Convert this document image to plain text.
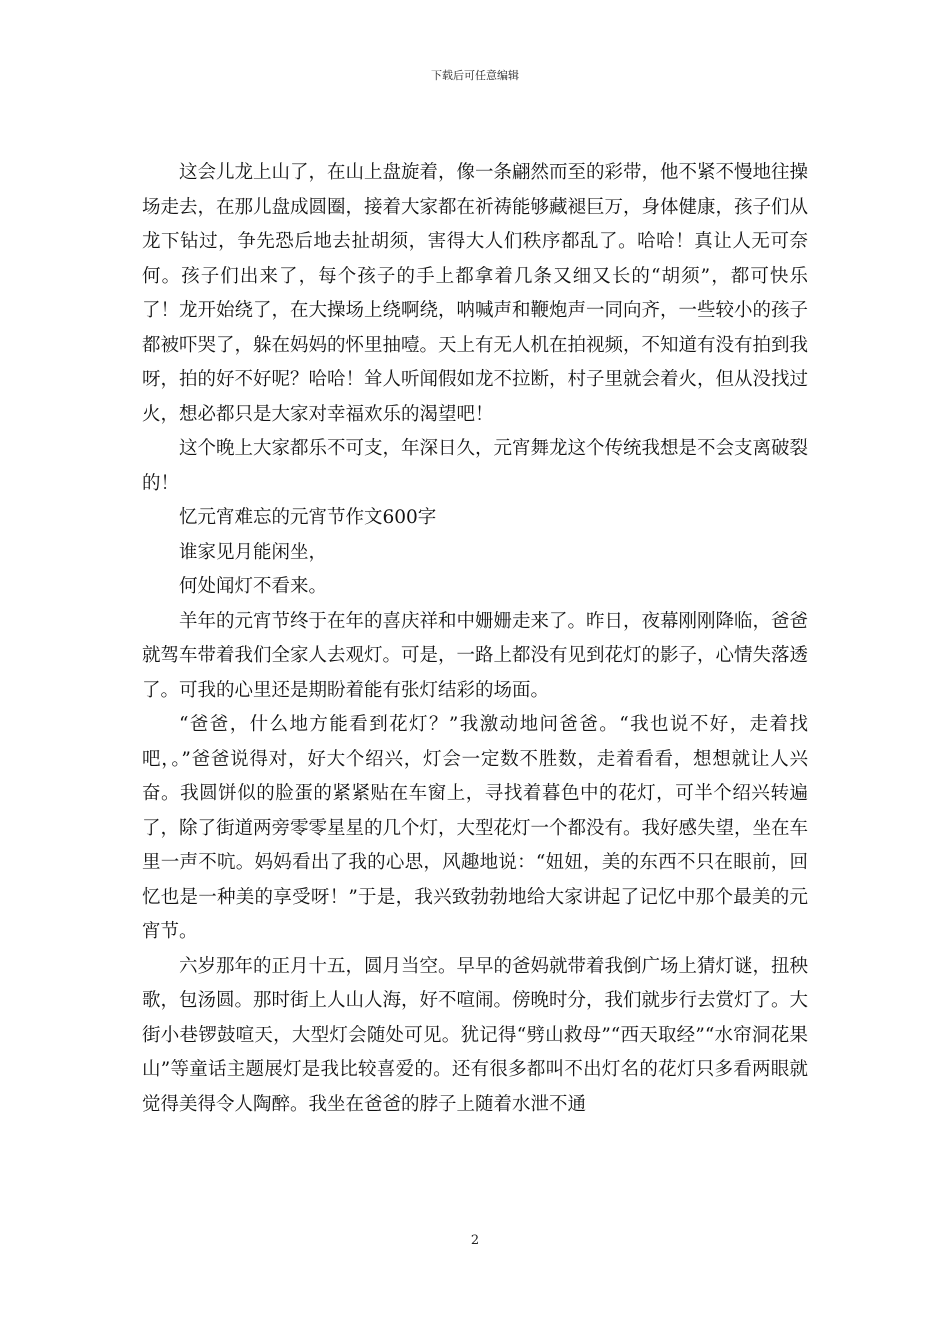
下载后可任意编辑

这会儿龙上山了，在山上盘旋着，像一条翩然而至的彩带，他不紧不慢地往操场走去，在那儿盘成圆圈，接着大家都在祈祷能够藏褪巨万，身体健康，孩子们从龙下钻过，争先恐后地去扯胡须，害得大人们秩序都乱了。哈哈！真让人无可奈何。孩子们出来了，每个孩子的手上都拿着几条又细又长的“胡须”，都可快乐了！龙开始绕了，在大操场上绕啊绕，呐喊声和鞭炮声一同向齐，一些较小的孩子都被吓哭了，躲在妈妈的怀里抽噎。天上有无人机在拍视频，不知道有没有拍到我呀，拍的好不好呢？哈哈！耸人听闻假如龙不拉断，村子里就会着火，但从没找过火，想必都只是大家对幸福欢乐的渴望吧！

这个晚上大家都乐不可支，年深日久，元宵舞龙这个传统我想是不会支离破裂的！

忆元宵难忘的元宵节作文600字

谁家见月能闲坐，

何处闻灯不看来。

羊年的元宵节终于在年的喜庆祥和中姗姗走来了。昨日，夜幕刚刚降临，爸爸就驾车带着我们全家人去观灯。可是，一路上都没有见到花灯的影子，心情失落透了。可我的心里还是期盼着能有张灯结彩的场面。

“爸爸，什么地方能看到花灯？”我激动地问爸爸。“我也说不好，走着找吧，。”爸爸说得对，好大个绍兴，灯会一定数不胜数，走着看看，想想就让人兴奋。我圆饼似的脸蛋的紧紧贴在车窗上，寻找着暮色中的花灯，可半个绍兴转遍了，除了街道两旁零零星星的几个灯，大型花灯一个都没有。我好感失望，坐在车里一声不吭。妈妈看出了我的心思，风趣地说：“妞妞，美的东西不只在眼前，回忆也是一种美的享受呀！”于是，我兴致勃勃地给大家讲起了记忆中那个最美的元宵节。

六岁那年的正月十五，圆月当空。早早的爸妈就带着我倒广场上猜灯谜，扭秧歌，包汤圆。那时街上人山人海，好不喧闹。傍晚时分，我们就步行去赏灯了。大街小巷锣鼓喧天，大型灯会随处可见。犹记得“劈山救母”“西天取经”“水帘洞花果山”等童话主题展灯是我比较喜爱的。还有很多都叫不出灯名的花灯只多看两眼就觉得美得令人陶醉。我坐在爸爸的脖子上随着水泄不通

2
